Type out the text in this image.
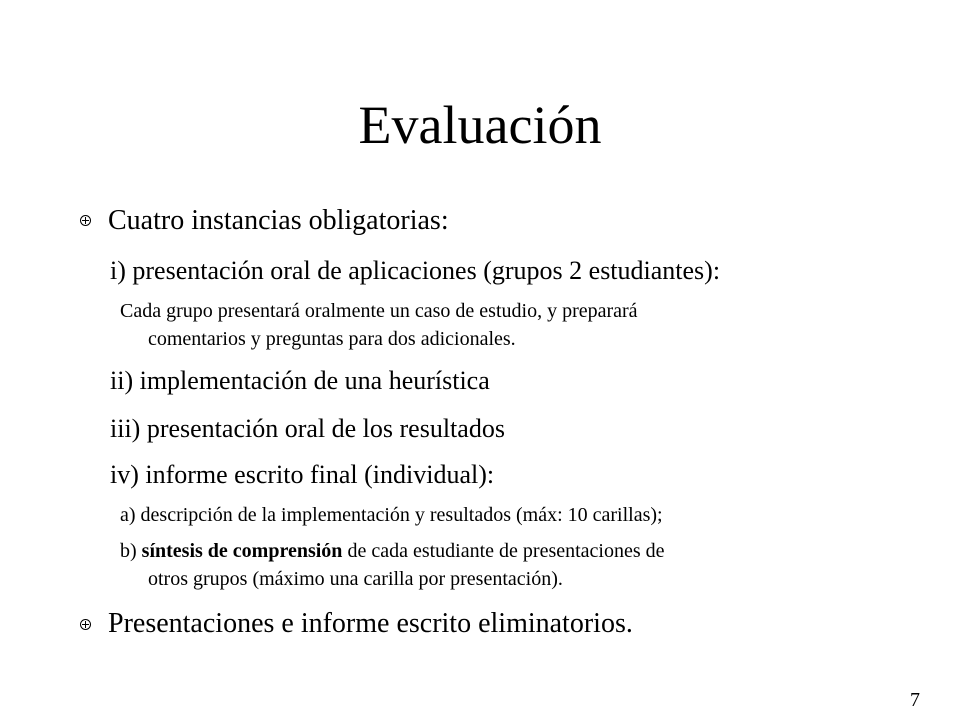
Evaluación
Cuatro instancias obligatorias:
i) presentación oral de aplicaciones (grupos 2 estudiantes):
Cada grupo presentará oralmente un caso de estudio, y preparará
comentarios y preguntas para dos adicionales.
ii) implementación de una heurística
iii) presentación oral de los resultados
iv) informe escrito final (individual):
a) descripción de la implementación y resultados (máx: 10 carillas);
b) síntesis de comprensión de cada estudiante de presentaciones de
otros grupos (máximo una carilla por presentación).
Presentaciones e informe escrito eliminatorios.
7
